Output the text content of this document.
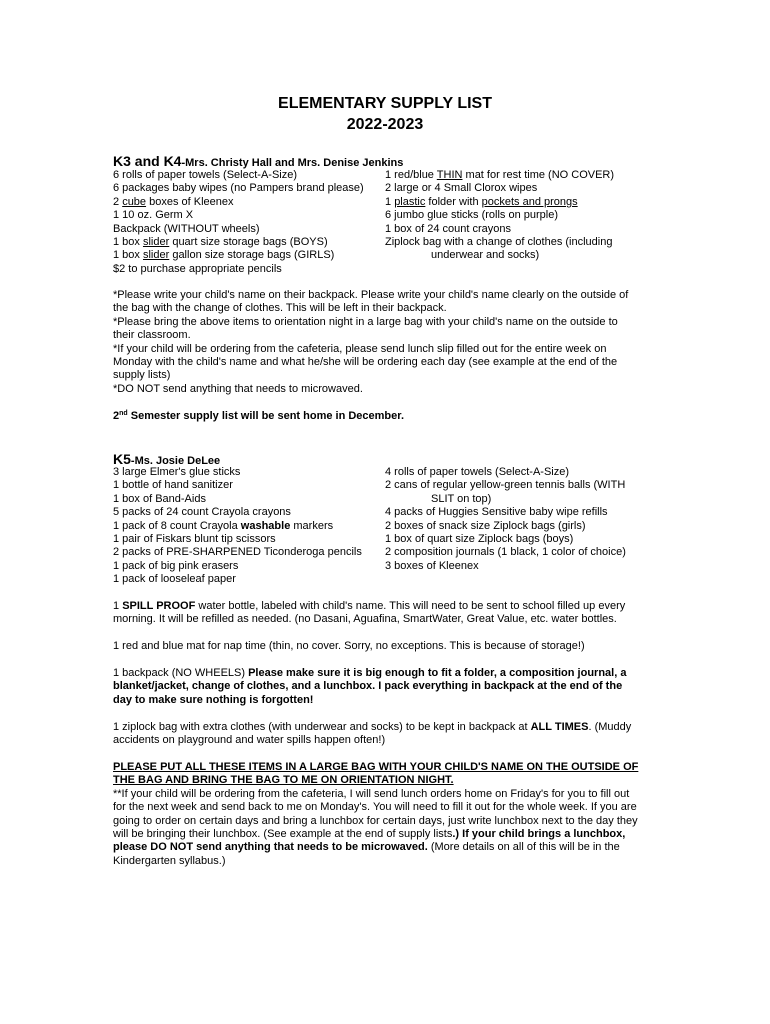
ELEMENTARY SUPPLY LIST
2022-2023
K3 and K4-Mrs. Christy Hall and Mrs. Denise Jenkins
6 rolls of paper towels (Select-A-Size)
6 packages baby wipes (no Pampers brand please)
2 cube boxes of Kleenex
1 10 oz. Germ X
Backpack (WITHOUT wheels)
1 box slider quart size storage bags (BOYS)
1 box slider gallon size storage bags (GIRLS)
$2 to purchase appropriate pencils
1 red/blue THIN mat for rest time (NO COVER)
2 large or 4 Small Clorox wipes
1 plastic folder with pockets and prongs
6 jumbo glue sticks (rolls on purple)
1 box of 24 count crayons
Ziplock bag with a change of clothes (including
underwear and socks)
*Please write your child's name on their backpack. Please write your child's name clearly on the outside of
the bag with the change of clothes. This will be left in their backpack.
*Please bring the above items to orientation night in a large bag with your child's name on the outside to
their classroom.
*If your child will be ordering from the cafeteria, please send lunch slip filled out for the entire week on
Monday with the child's name and what he/she will be ordering each day (see example at the end of the
supply lists)
*DO NOT send anything that needs to microwaved.
2nd Semester supply list will be sent home in December.
K5-Ms. Josie DeLee
3 large Elmer's glue sticks
1 bottle of hand sanitizer
1 box of Band-Aids
5 packs of 24 count Crayola crayons
1 pack of 8 count Crayola washable markers
1 pair of Fiskars blunt tip scissors
2 packs of PRE-SHARPENED Ticonderoga pencils
1 pack of big pink erasers
1 pack of looseleaf paper
4 rolls of paper towels (Select-A-Size)
2 cans of regular yellow-green tennis balls (WITH
SLIT on top)
4 packs of Huggies Sensitive baby wipe refills
2 boxes of snack size Ziplock bags (girls)
1 box of quart size Ziplock bags (boys)
2 composition journals (1 black, 1 color of choice)
3 boxes of Kleenex
1 SPILL PROOF water bottle, labeled with child's name. This will need to be sent to school filled up every
morning. It will be refilled as needed. (no Dasani, Aguafina, SmartWater, Great Value, etc. water bottles.
1 red and blue mat for nap time (thin, no cover. Sorry, no exceptions. This is because of storage!)
1 backpack (NO WHEELS) Please make sure it is big enough to fit a folder, a composition journal, a
blanket/jacket, change of clothes, and a lunchbox. I pack everything in backpack at the end of the
day to make sure nothing is forgotten!
1 ziplock bag with extra clothes (with underwear and socks) to be kept in backpack at ALL TIMES. (Muddy
accidents on playground and water spills happen often!)
PLEASE PUT ALL THESE ITEMS IN A LARGE BAG WITH YOUR CHILD'S NAME ON THE OUTSIDE OF
THE BAG AND BRING THE BAG TO ME ON ORIENTATION NIGHT.
**If your child will be ordering from the cafeteria, I will send lunch orders home on Friday's for you to fill out
for the next week and send back to me on Monday's. You will need to fill it out for the whole week. If you are
going to order on certain days and bring a lunchbox for certain days, just write lunchbox next to the day they
will be bringing their lunchbox. (See example at the end of supply lists.) If your child brings a lunchbox,
please DO NOT send anything that needs to be microwaved. (More details on all of this will be in the
Kindergarten syllabus.)
